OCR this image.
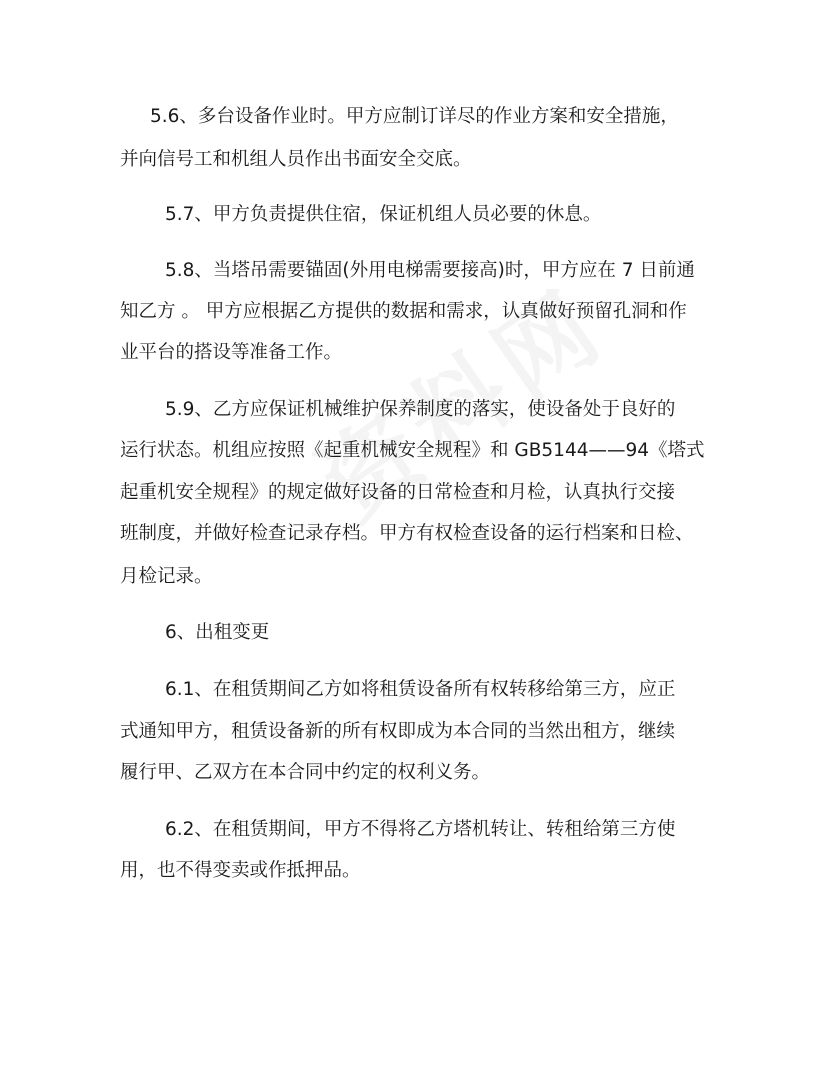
5.6、多台设备作业时。甲方应制订详尽的作业方案和安全措施，
并向信号工和机组人员作出书面安全交底。
5.7、甲方负责提供住宿，保证机组人员必要的休息。
5.8、当塔吊需要锚固(外用电梯需要接高)时，甲方应在 7 日前通
知乙方 。 甲方应根据乙方提供的数据和需求，认真做好预留孔洞和作
业平台的搭设等准备工作。
5.9、乙方应保证机械维护保养制度的落实，使设备处于良好的
运行状态。机组应按照《起重机械安全规程》和 GB5144——94《塔式
起重机安全规程》的规定做好设备的日常检查和月检，认真执行交接
班制度，并做好检查记录存档。甲方有权检查设备的运行档案和日检、
月检记录。
6、出租变更
6.1、在租赁期间乙方如将租赁设备所有权转移给第三方，应正
式通知甲方，租赁设备新的所有权即成为本合同的当然出租方，继续
履行甲、乙双方在本合同中约定的权利义务。
6.2、在租赁期间，甲方不得将乙方塔机转让、转租给第三方使
用，也不得变卖或作抵押品。
